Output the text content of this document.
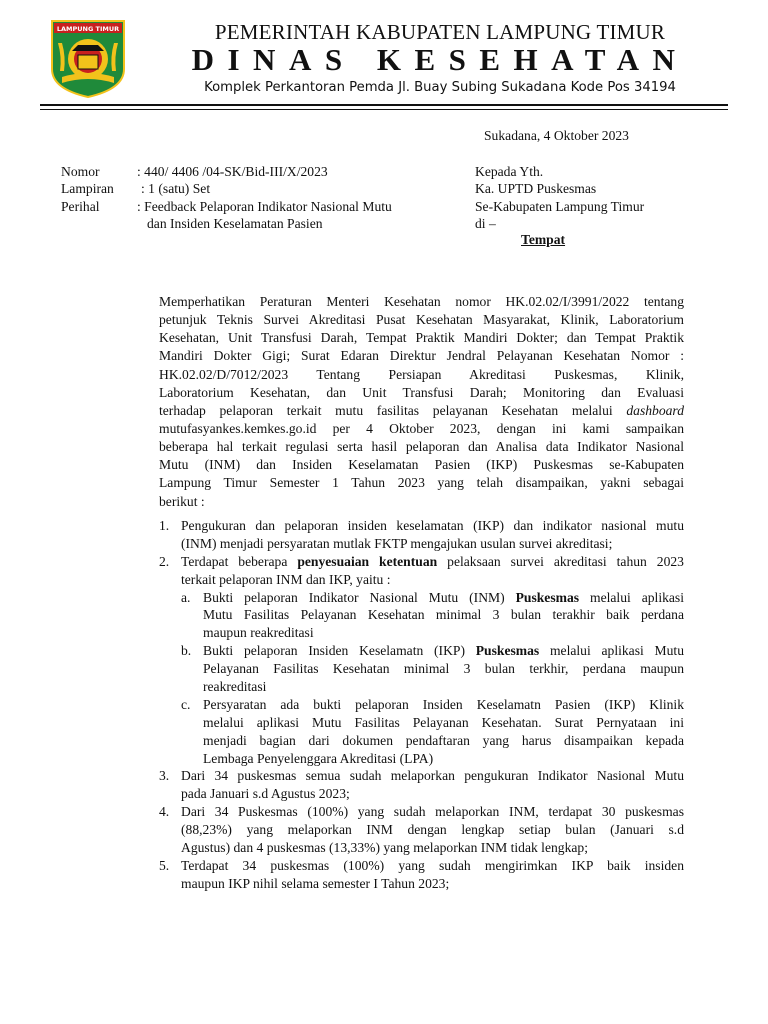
LAMPUNG TIMUR	PEMERINTAH KABUPATEN LAMPUNG TIMUR
DINAS KESEHATAN
Komplek Perkantoran Pemda Jl. Buay Subing Sukadana Kode Pos 34194
Sukadana, 4 Oktober 2023
Nomor	: 440/ 4406 /04-SK/Bid-III/X/2023
Lampiran : 1 (satu) Set
Perihal	: Feedback Pelaporan Indikator Nasional Mutu
dan Insiden Keselamatan Pasien
Kepada Yth.
Ka. UPTD Puskesmas
Se-Kabupaten Lampung Timur
di –
Tempat
Memperhatikan Peraturan Menteri Kesehatan nomor HK.02.02/I/3991/2022 tentang
petunjuk Teknis Survei Akreditasi Pusat Kesehatan Masyarakat, Klinik, Laboratorium
Kesehatan, Unit Transfusi Darah, Tempat Praktik Mandiri Dokter; dan Tempat Praktik
Mandiri Dokter Gigi; Surat Edaran Direktur Jendral Pelayanan Kesehatan Nomor :
HK.02.02/D/7012/2023 Tentang Persiapan Akreditasi Puskesmas, Klinik,
Laboratorium Kesehatan, dan Unit Transfusi Darah; Monitoring dan Evaluasi
terhadap pelaporan terkait mutu fasilitas pelayanan Kesehatan melalui dashboard
mutufasyankes.kemkes.go.id per 4 Oktober 2023, dengan ini kami sampaikan
beberapa hal terkait regulasi serta hasil pelaporan dan Analisa data Indikator Nasional
Mutu (INM) dan Insiden Keselamatan Pasien (IKP) Puskesmas se-Kabupaten
Lampung Timur Semester 1 Tahun 2023 yang telah disampaikan, yakni sebagai
berikut :
1. Pengukuran dan pelaporan insiden keselamatan (IKP) dan indikator nasional mutu
(INM) menjadi persyaratan mutlak FKTP mengajukan usulan survei akreditasi;
2. Terdapat beberapa penyesuaian ketentuan pelaksaan survei akreditasi tahun 2023
terkait pelaporan INM dan IKP, yaitu :
a. Bukti pelaporan Indikator Nasional Mutu (INM) Puskesmas melalui aplikasi
Mutu Fasilitas Pelayanan Kesehatan minimal 3 bulan terakhir baik perdana
maupun reakreditasi
b. Bukti pelaporan Insiden Keselamatn (IKP) Puskesmas melalui aplikasi Mutu
Pelayanan Fasilitas Kesehatan minimal 3 bulan terkhir, perdana maupun
reakreditasi
c. Persyaratan ada bukti pelaporan Insiden Keselamatn Pasien (IKP) Klinik
melalui aplikasi Mutu Fasilitas Pelayanan Kesehatan. Surat Pernyataan ini
menjadi bagian dari dokumen pendaftaran yang harus disampaikan kepada
Lembaga Penyelenggara Akreditasi (LPA)
3. Dari 34 puskesmas semua sudah melaporkan pengukuran Indikator Nasional Mutu
pada Januari s.d Agustus 2023;
4. Dari 34 Puskesmas (100%) yang sudah melaporkan INM, terdapat 30 puskesmas
(88,23%) yang melaporkan INM dengan lengkap setiap bulan (Januari s.d
Agustus) dan 4 puskesmas (13,33%) yang melaporkan INM tidak lengkap;
5. Terdapat 34 puskesmas (100%) yang sudah mengirimkan IKP baik insiden
maupun IKP nihil selama semester I Tahun 2023;
